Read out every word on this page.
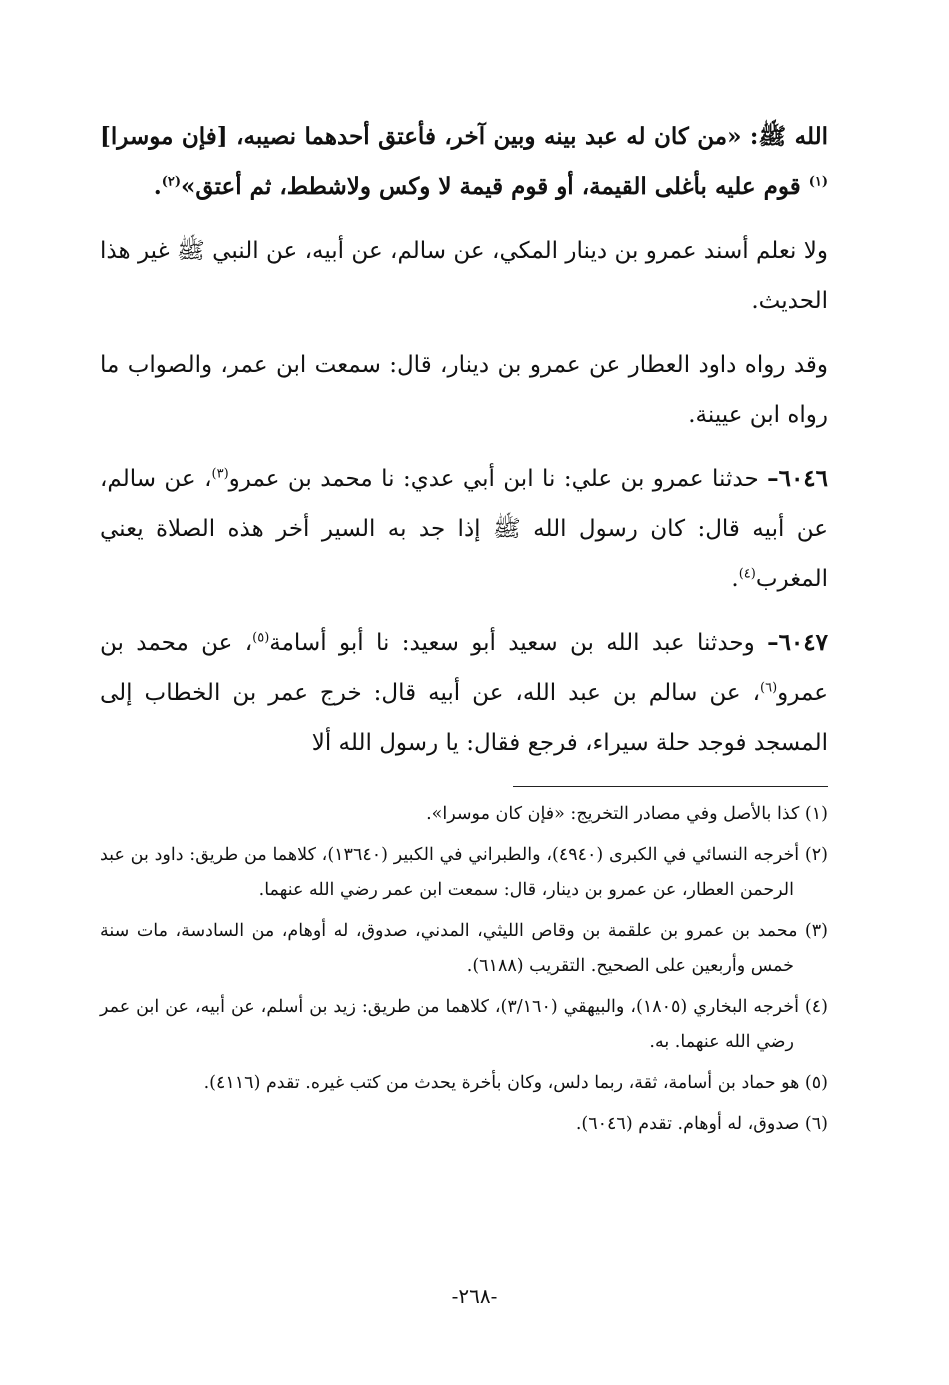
الله ﷺ: «من كان له عبد بينه وبين آخر، فأعتق أحدهما نصيبه، [فإن موسرا]$^{(١)}$ قوم عليه بأغلى القيمة، أو قوم قيمة لا وكس ولاشطط، ثم أعتق»$^{(٢)}$.

ولا نعلم أسند عمرو بن دينار المكي، عن سالم، عن أبيه، عن النبي ﷺ غير هذا الحديث.

وقد رواه داود العطار عن عمرو بن دينار، قال: سمعت ابن عمر، والصواب ما رواه ابن عيينة.

٦٠٤٦– حدثنا عمرو بن علي: نا ابن أبي عدي: نا محمد بن عمرو$^{(٣)}$، عن سالم، عن أبيه قال: كان رسول الله ﷺ إذا جد به السير أخر هذه الصلاة يعني المغرب$^{(٤)}$.

٦٠٤٧– وحدثنا عبد الله بن سعيد أبو سعيد: نا أبو أسامة$^{(٥)}$، عن محمد بن عمرو$^{(٦)}$، عن سالم بن عبد الله، عن أبيه قال: خرج عمر بن الخطاب إلى المسجد فوجد حلة سيراء، فرجع فقال: يا رسول الله ألا

(١) كذا بالأصل وفي مصادر التخريج: «فإن كان موسرا».

(٢) أخرجه النسائي في الكبرى (٤٩٤٠)، والطبراني في الكبير (١٣٦٤٠)، كلاهما من طريق: داود بن عبد الرحمن العطار، عن عمرو بن دينار، قال: سمعت ابن عمر رضي الله عنهما.

(٣) محمد بن عمرو بن علقمة بن وقاص الليثي، المدني، صدوق، له أوهام، من السادسة، مات سنة خمس وأربعين على الصحيح. التقريب (٦١٨٨).

(٤) أخرجه البخاري (١٨٠٥)، والبيهقي (٣/١٦٠)، كلاهما من طريق: زيد بن أسلم، عن أبيه، عن ابن عمر رضي الله عنهما. به.

(٥) هو حماد بن أسامة، ثقة، ربما دلس، وكان بأخرة يحدث من كتب غيره. تقدم (٤١١٦).

(٦) صدوق، له أوهام. تقدم (٦٠٤٦).

-٢٦٨-
